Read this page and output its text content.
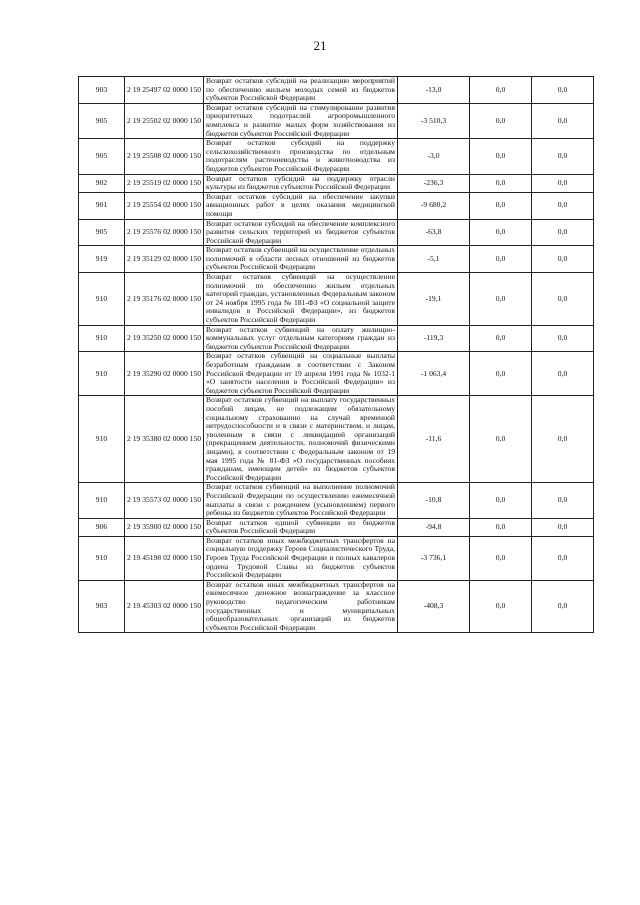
21
903	2 19 25497 02 0000 150	Возврат остатков субсидий на реализацию мероприятий по обеспечению жильем молодых семей из бюджетов субъектов Российской Федерации	-13,0	0,0	0,0
905	2 19 25502 02 0000 150	Возврат остатков субсидий на стимулирование развития приоритетных подотраслей агропромышленного комплекса и развитие малых форм хозяйствования из бюджетов субъектов Российской Федерации	-3 510,3	0,0	0,0
905	2 19 25508 02 0000 150	Возврат остатков субсидий на поддержку сельскохозяйственного производства по отдельным подотраслям растениеводства и животноводства из бюджетов субъектов Российской Федерации	-3,0	0,0	0,0
902	2 19 25519 02 0000 150	Возврат остатков субсидий на поддержку отрасли культуры из бюджетов субъектов Российской Федерации	-236,3	0,0	0,0
901	2 19 25554 02 0000 150	Возврат остатков субсидий на обеспечение закупки авиационных работ в целях оказания медицинской помощи	-9 680,2	0,0	0,0
905	2 19 25576 02 0000 150	Возврат остатков субсидий на обеспечение комплексного развития сельских территорий из бюджетов субъектов Российской Федерации	-63,8	0,0	0,0
919	2 19 35129 02 0000 150	Возврат остатков субвенций на осуществление отдельных полномочий в области лесных отношений из бюджетов субъектов Российской Федерации	-5,1	0,0	0,0
910	2 19 35176 02 0000 150	Возврат остатков субвенций на осуществление полномочий по обеспечению жильем отдельных категорий граждан, установленных Федеральным законом от 24 ноября 1995 года № 181-ФЗ «О социальной защите инвалидов в Российской Федерации», из бюджетов субъектов Российской Федерации	-19,1	0,0	0,0
910	2 19 35250 02 0000 150	Возврат остатков субвенций на оплату жилищно-коммунальных услуг отдельным категориям граждан из бюджетов субъектов Российской Федерации	-119,3	0,0	0,0
910	2 19 35290 02 0000 150	Возврат остатков субвенций на социальные выплаты безработным гражданам в соответствии с Законом Российской Федерации от 19 апреля 1991 года № 1032-1 «О занятости населения в Российской Федерации» из бюджетов субъектов Российской Федерации	-1 063,4	0,0	0,0
910	2 19 35380 02 0000 150	Возврат остатков субвенций на выплату государственных пособий лицам, не подлежащим обязательному социальному страхованию на случай временной нетрудоспособности и в связи с материнством, и лицам, уволенным в связи с ликвидацией организаций (прекращением деятельности, полномочий физическими лицами), в соответствии с Федеральным законом от 19 мая 1995 года № 81-ФЗ «О государственных пособиях гражданам, имеющим детей» из бюджетов субъектов Российской Федерации	-11,6	0,0	0,0
910	2 19 35573 02 0000 150	Возврат остатков субвенций на выполнение полномочий Российской Федерации по осуществлению ежемесячной выплаты в связи с рождением (усыновлением) первого ребенка из бюджетов субъектов Российской Федерации	-10,8	0,0	0,0
906	2 19 35900 02 0000 150	Возврат остатков единой субвенции из бюджетов субъектов Российской Федерации	-94,8	0,0	0,0
910	2 19 45198 02 0000 150	Возврат остатков иных межбюджетных трансфертов на социальную поддержку Героев Социалистического Труда, Героев Труда Российской Федерации и полных кавалеров ордена Трудовой Славы из бюджетов субъектов Российской Федерации	-3 736,1	0,0	0,0
903	2 19 45303 02 0000 150	Возврат остатков иных межбюджетных трансфертов на ежемесячное денежное вознаграждение за классное руководство педагогическим работникам государственных и муниципальных общеобразовательных организаций из бюджетов субъектов Российской Федерации	-408,3	0,0	0,0
